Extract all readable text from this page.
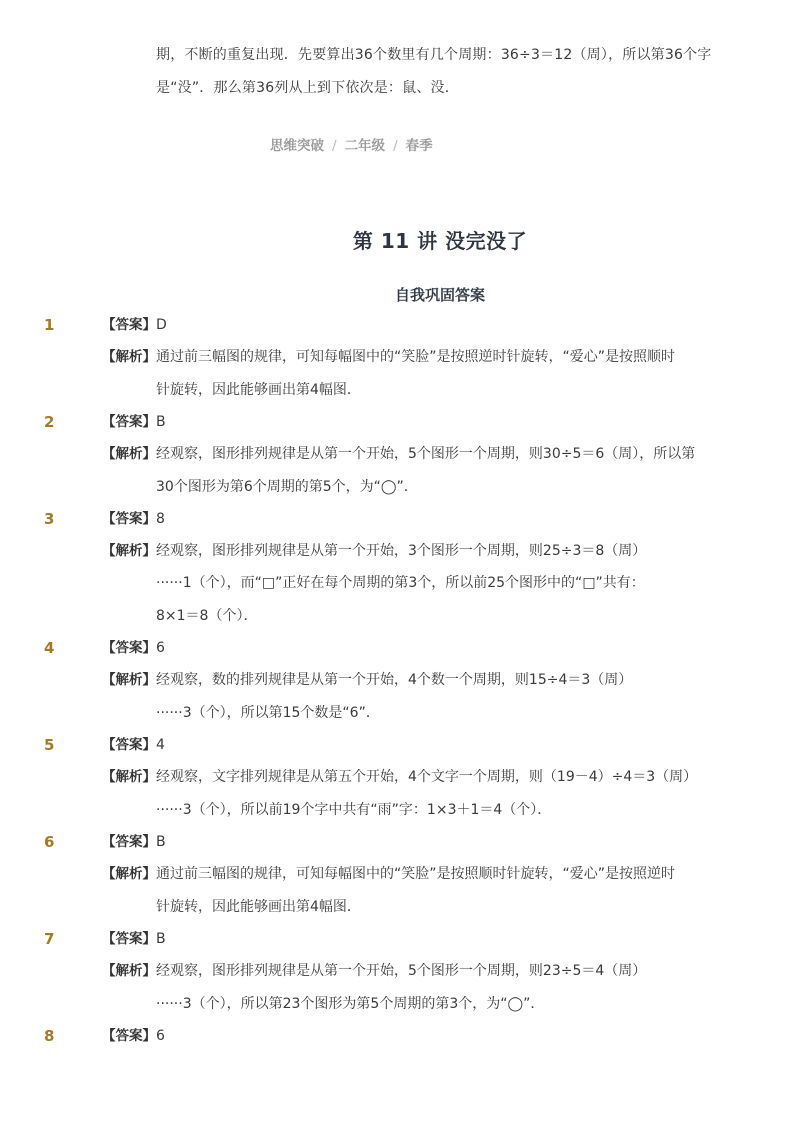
期，不断的重复出现．先要算出36个数里有几个周期：36÷3＝12（周），所以第36个字
是“没”．那么第36列从上到下依次是：鼠、没．
思维突破 / 二年级 / 春季
第 11 讲 没完没了
自我巩固答案
1	【答案】 D
【解析】 通过前三幅图的规律，可知每幅图中的“笑脸”是按照逆时针旋转，“爱心”是按照顺时
针旋转，因此能够画出第4幅图．
2	【答案】 B
【解析】 经观察，图形排列规律是从第一个开始，5个图形一个周期，则30÷5＝6（周），所以第
30个图形为第6个周期的第5个，为“◯”．
3	【答案】 8
【解析】 经观察，图形排列规律是从第一个开始，3个图形一个周期，则25÷3＝8（周）
······1（个），而“□”正好在每个周期的第3个，所以前25个图形中的“□”共有：
8×1＝8（个）．
4	【答案】 6
【解析】 经观察，数的排列规律是从第一个开始，4个数一个周期，则15÷4＝3（周）
······3（个），所以第15个数是“6”．
5	【答案】 4
【解析】 经观察，文字排列规律是从第五个开始，4个文字一个周期，则（19－4）÷4＝3（周）
······3（个），所以前19个字中共有“雨”字：1×3＋1＝4（个）．
6	【答案】 B
【解析】 通过前三幅图的规律，可知每幅图中的“笑脸”是按照顺时针旋转，“爱心”是按照逆时
针旋转，因此能够画出第4幅图．
7	【答案】 B
【解析】 经观察，图形排列规律是从第一个开始，5个图形一个周期，则23÷5＝4（周）
······3（个），所以第23个图形为第5个周期的第3个，为“◯”．
8	【答案】 6
